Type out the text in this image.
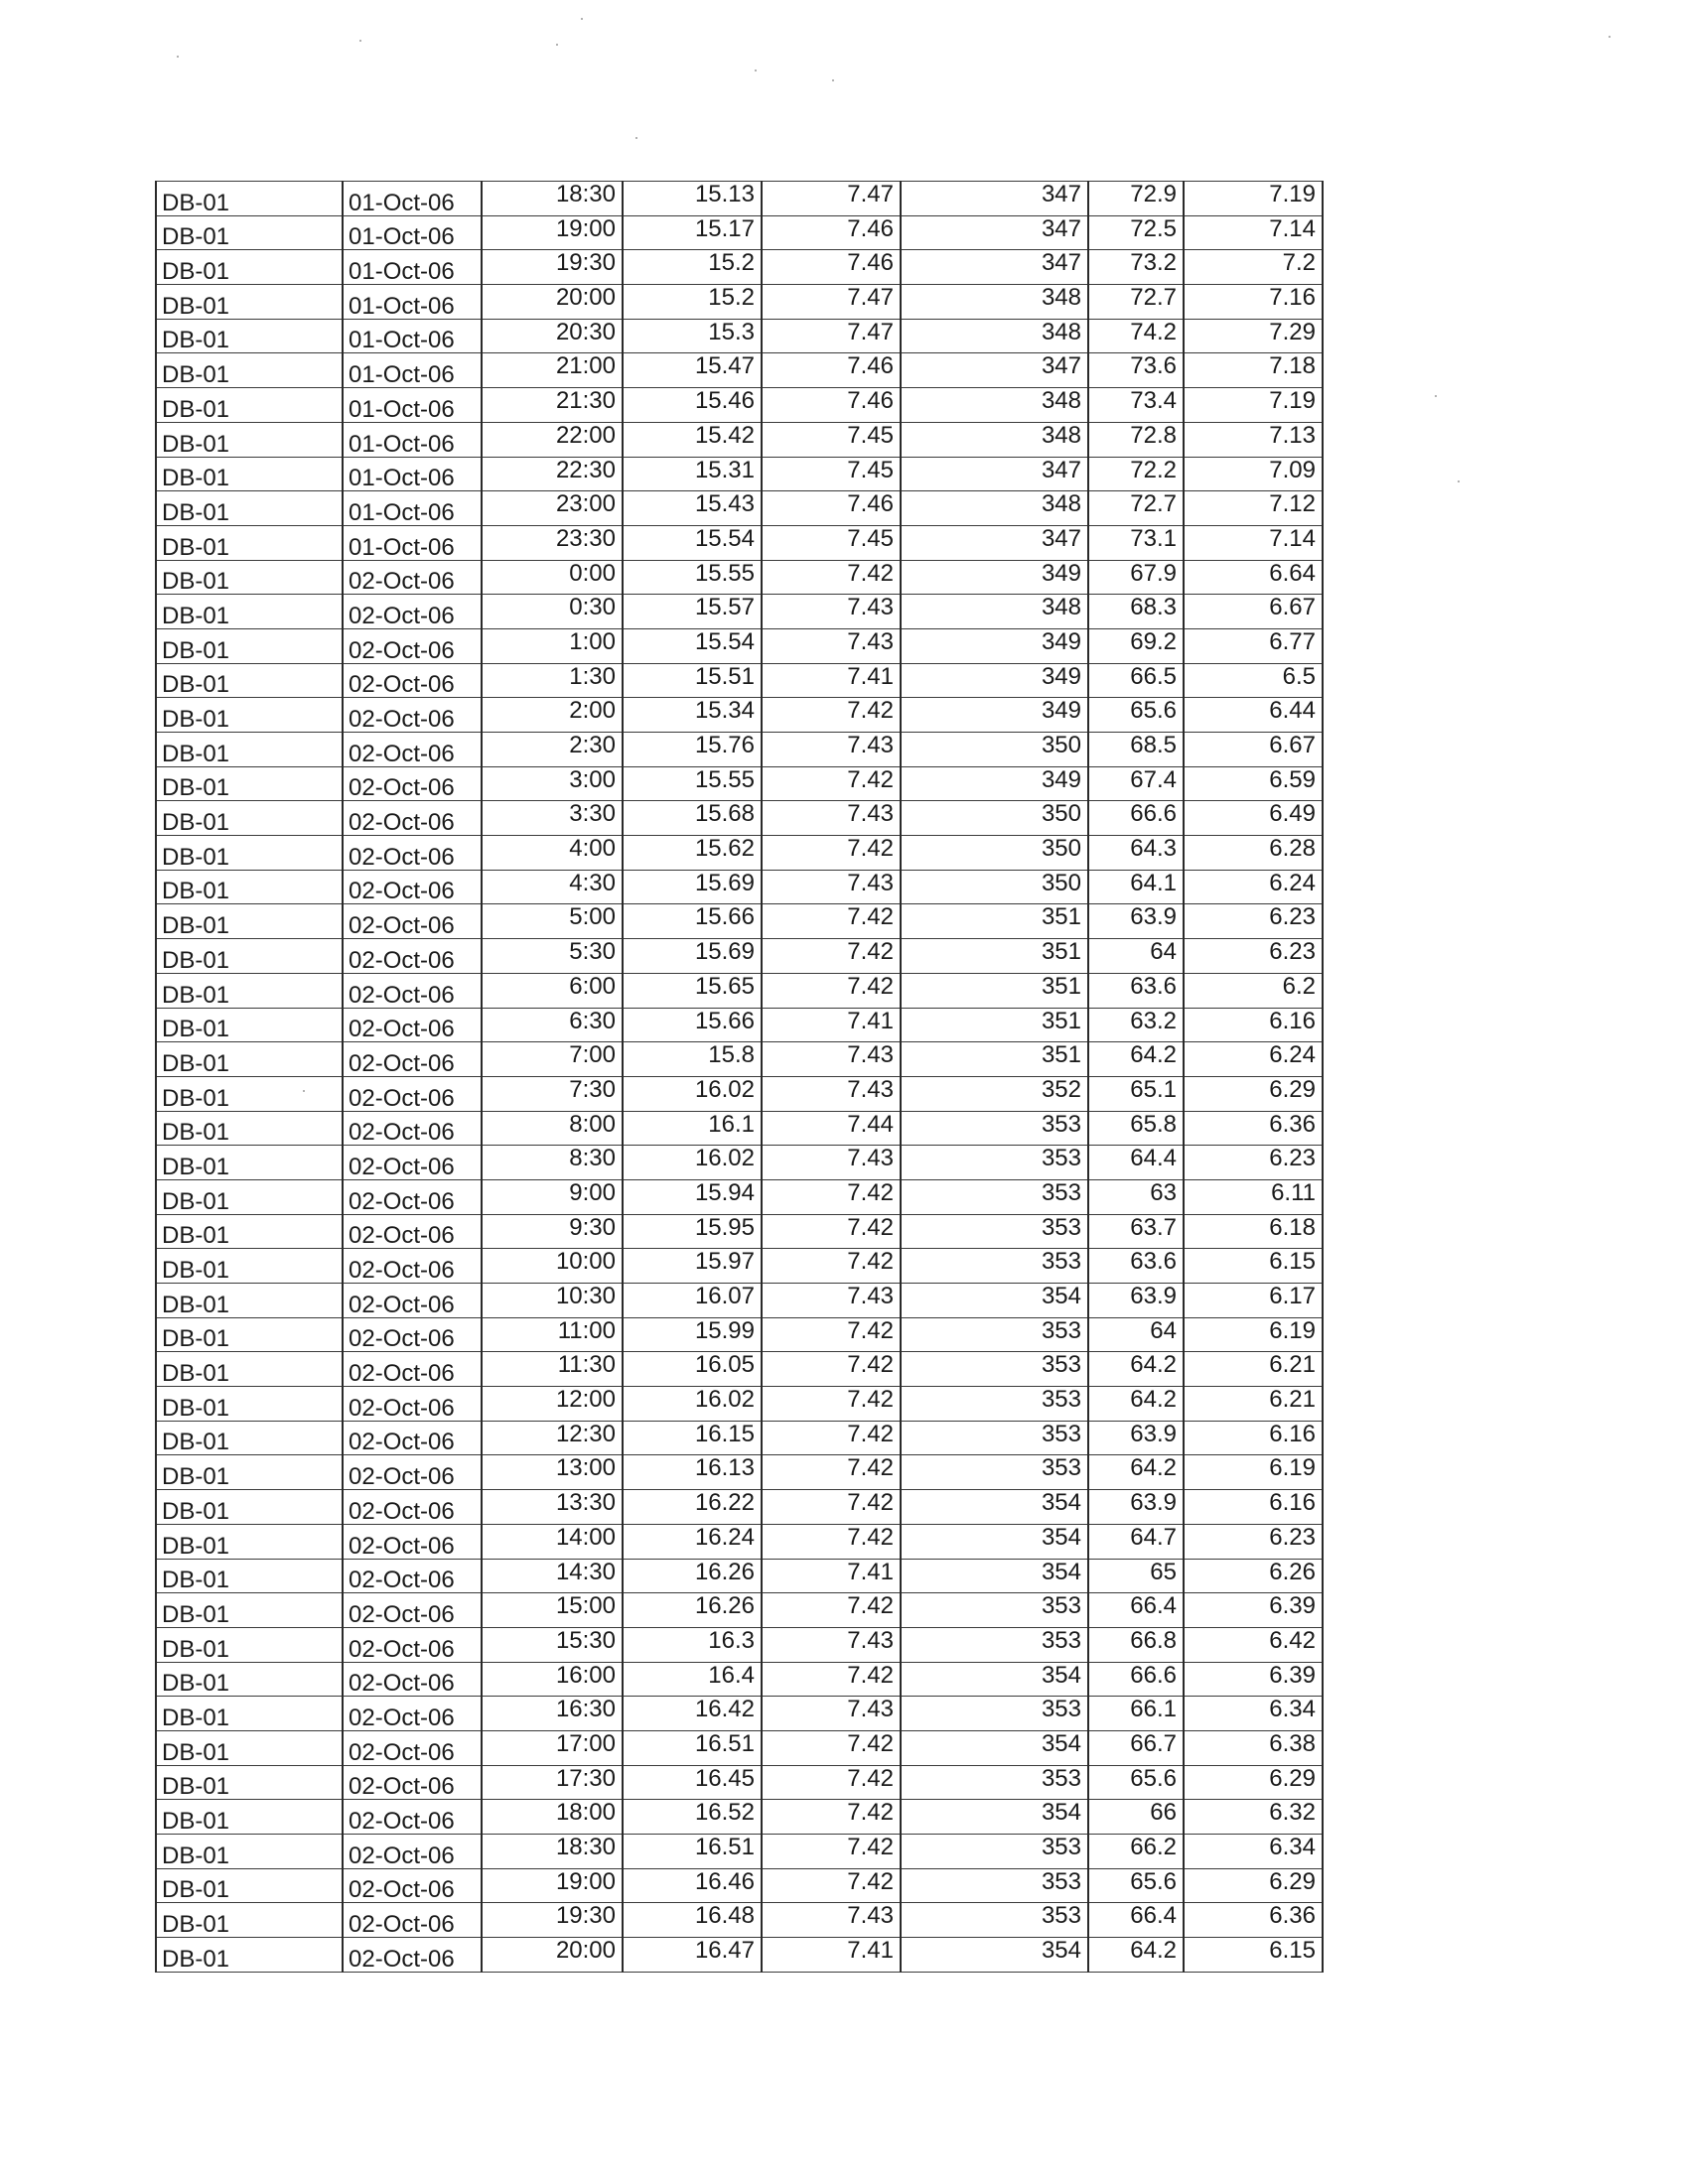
DB-01	01-Oct-06	18:30	15.13	7.47	347	72.9	7.19
DB-01	01-Oct-06	19:00	15.17	7.46	347	72.5	7.14
DB-01	01-Oct-06	19:30	15.2	7.46	347	73.2	7.2
DB-01	01-Oct-06	20:00	15.2	7.47	348	72.7	7.16
DB-01	01-Oct-06	20:30	15.3	7.47	348	74.2	7.29
DB-01	01-Oct-06	21:00	15.47	7.46	347	73.6	7.18
DB-01	01-Oct-06	21:30	15.46	7.46	348	73.4	7.19
DB-01	01-Oct-06	22:00	15.42	7.45	348	72.8	7.13
DB-01	01-Oct-06	22:30	15.31	7.45	347	72.2	7.09
DB-01	01-Oct-06	23:00	15.43	7.46	348	72.7	7.12
DB-01	01-Oct-06	23:30	15.54	7.45	347	73.1	7.14
DB-01	02-Oct-06	0:00	15.55	7.42	349	67.9	6.64
DB-01	02-Oct-06	0:30	15.57	7.43	348	68.3	6.67
DB-01	02-Oct-06	1:00	15.54	7.43	349	69.2	6.77
DB-01	02-Oct-06	1:30	15.51	7.41	349	66.5	6.5
DB-01	02-Oct-06	2:00	15.34	7.42	349	65.6	6.44
DB-01	02-Oct-06	2:30	15.76	7.43	350	68.5	6.67
DB-01	02-Oct-06	3:00	15.55	7.42	349	67.4	6.59
DB-01	02-Oct-06	3:30	15.68	7.43	350	66.6	6.49
DB-01	02-Oct-06	4:00	15.62	7.42	350	64.3	6.28
DB-01	02-Oct-06	4:30	15.69	7.43	350	64.1	6.24
DB-01	02-Oct-06	5:00	15.66	7.42	351	63.9	6.23
DB-01	02-Oct-06	5:30	15.69	7.42	351	64	6.23
DB-01	02-Oct-06	6:00	15.65	7.42	351	63.6	6.2
DB-01	02-Oct-06	6:30	15.66	7.41	351	63.2	6.16
DB-01	02-Oct-06	7:00	15.8	7.43	351	64.2	6.24
DB-01	02-Oct-06	7:30	16.02	7.43	352	65.1	6.29
DB-01	02-Oct-06	8:00	16.1	7.44	353	65.8	6.36
DB-01	02-Oct-06	8:30	16.02	7.43	353	64.4	6.23
DB-01	02-Oct-06	9:00	15.94	7.42	353	63	6.11
DB-01	02-Oct-06	9:30	15.95	7.42	353	63.7	6.18
DB-01	02-Oct-06	10:00	15.97	7.42	353	63.6	6.15
DB-01	02-Oct-06	10:30	16.07	7.43	354	63.9	6.17
DB-01	02-Oct-06	11:00	15.99	7.42	353	64	6.19
DB-01	02-Oct-06	11:30	16.05	7.42	353	64.2	6.21
DB-01	02-Oct-06	12:00	16.02	7.42	353	64.2	6.21
DB-01	02-Oct-06	12:30	16.15	7.42	353	63.9	6.16
DB-01	02-Oct-06	13:00	16.13	7.42	353	64.2	6.19
DB-01	02-Oct-06	13:30	16.22	7.42	354	63.9	6.16
DB-01	02-Oct-06	14:00	16.24	7.42	354	64.7	6.23
DB-01	02-Oct-06	14:30	16.26	7.41	354	65	6.26
DB-01	02-Oct-06	15:00	16.26	7.42	353	66.4	6.39
DB-01	02-Oct-06	15:30	16.3	7.43	353	66.8	6.42
DB-01	02-Oct-06	16:00	16.4	7.42	354	66.6	6.39
DB-01	02-Oct-06	16:30	16.42	7.43	353	66.1	6.34
DB-01	02-Oct-06	17:00	16.51	7.42	354	66.7	6.38
DB-01	02-Oct-06	17:30	16.45	7.42	353	65.6	6.29
DB-01	02-Oct-06	18:00	16.52	7.42	354	66	6.32
DB-01	02-Oct-06	18:30	16.51	7.42	353	66.2	6.34
DB-01	02-Oct-06	19:00	16.46	7.42	353	65.6	6.29
DB-01	02-Oct-06	19:30	16.48	7.43	353	66.4	6.36
DB-01	02-Oct-06	20:00	16.47	7.41	354	64.2	6.15
